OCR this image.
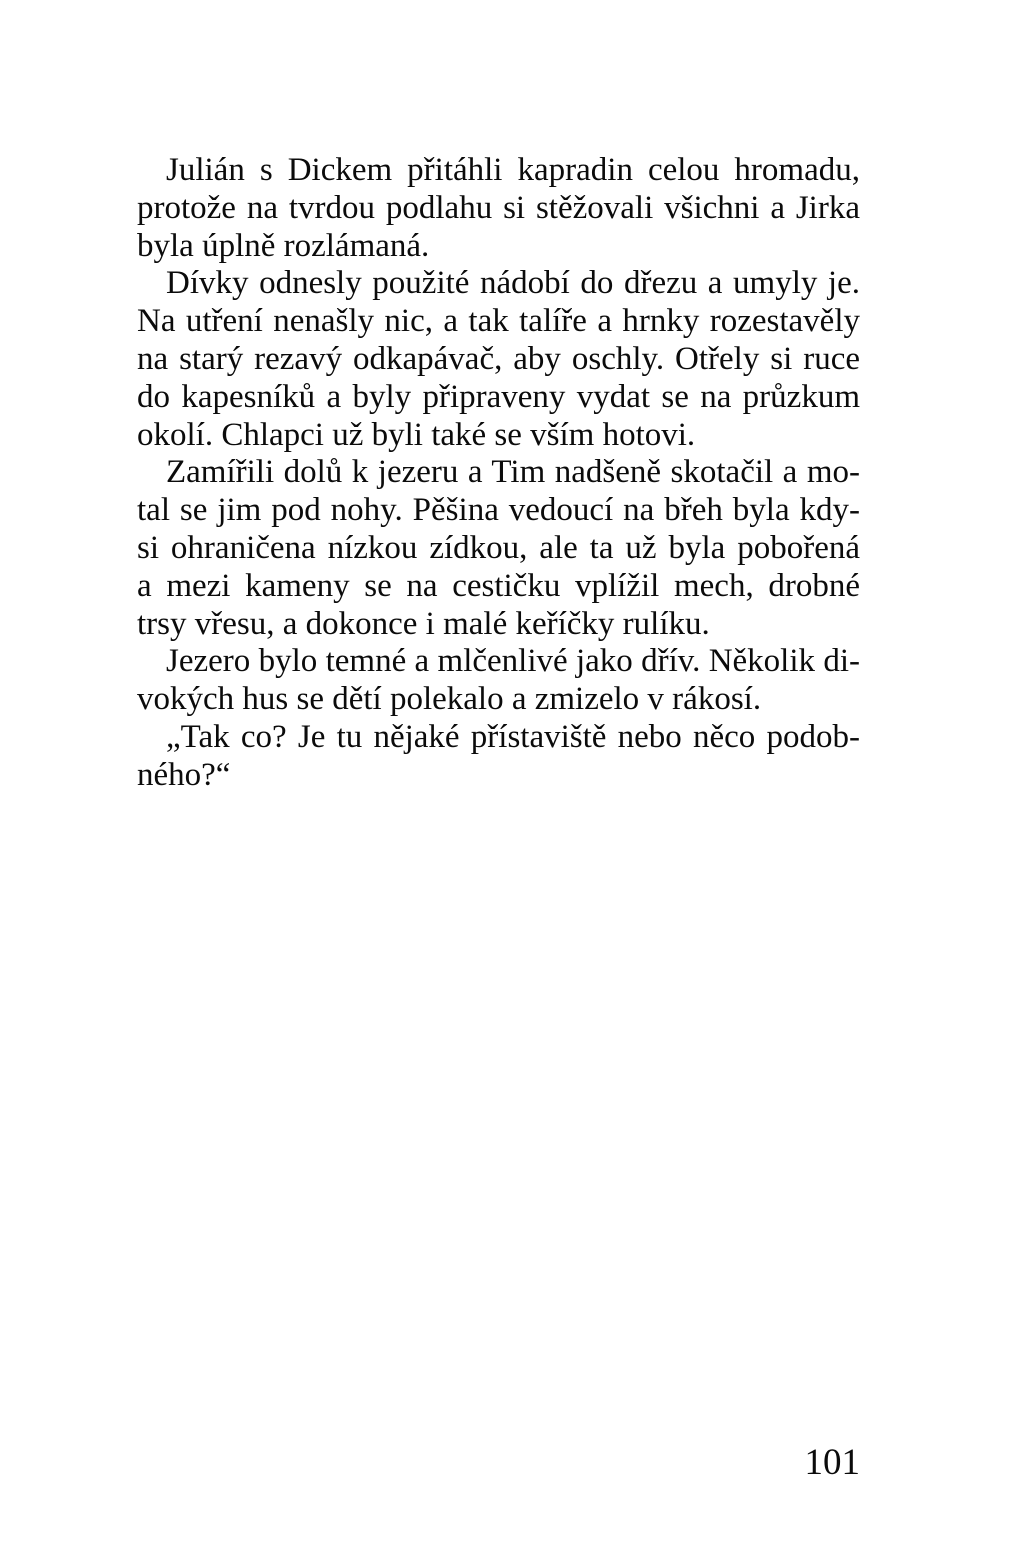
Julián s Dickem přitáhli kapradin celou hromadu,
protože na tvrdou podlahu si stěžovali všichni a Jirka
byla úplně rozlámaná.
Dívky odnesly použité nádobí do dřezu a umyly je.
Na utření nenašly nic, a tak talíře a hrnky rozestavěly
na starý rezavý odkapávač, aby oschly. Otřely si ruce
do kapesníků a byly připraveny vydat se na průzkum
okolí. Chlapci už byli také se vším hotovi.
Zamířili dolů k jezeru a Tim nadšeně skotačil a mo-
tal se jim pod nohy. Pěšina vedoucí na břeh byla kdy-
si ohraničena nízkou zídkou, ale ta už byla pobořená
a mezi kameny se na cestičku vplížil mech, drobné
trsy vřesu, a dokonce i malé keříčky rulíku.
Jezero bylo temné a mlčenlivé jako dřív. Několik di-
vokých hus se dětí polekalo a zmizelo v rákosí.
„Tak co? Je tu nějaké přístaviště nebo něco podob-
ného?“
101
